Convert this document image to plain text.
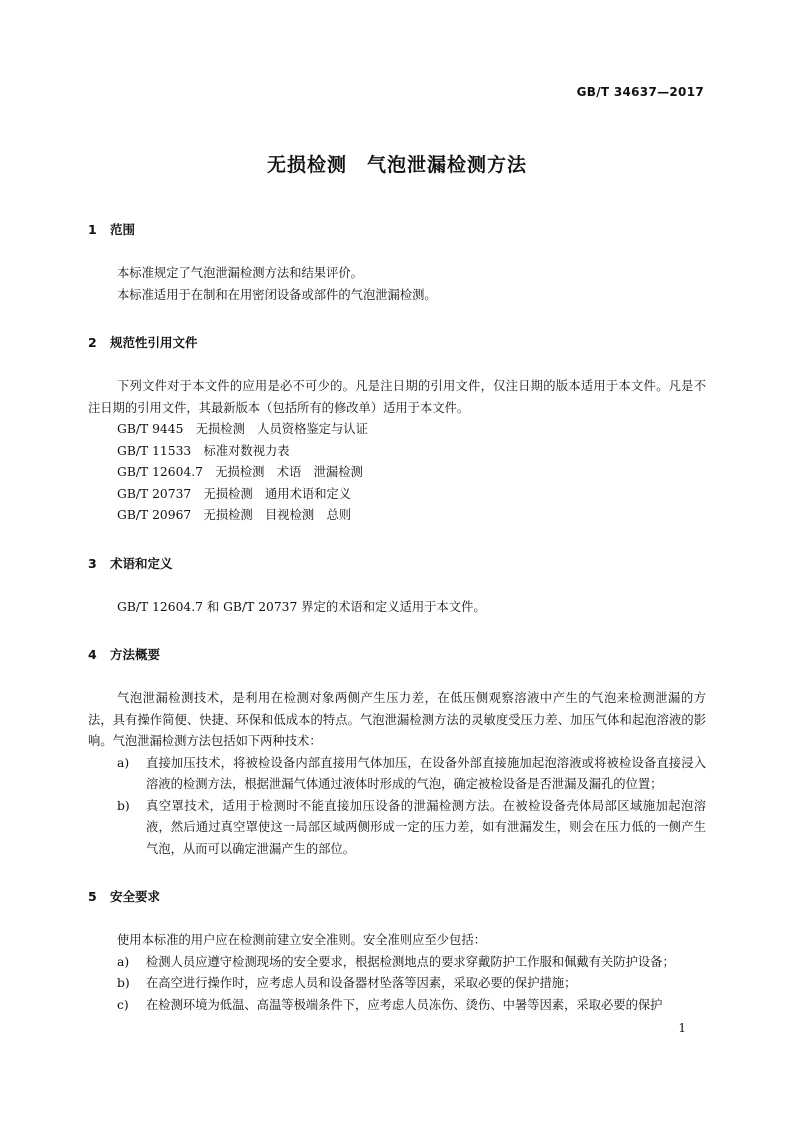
GB/T 34637—2017
无损检测　气泡泄漏检测方法
1 范围

本标准规定了气泡泄漏检测方法和结果评价。

本标准适用于在制和在用密闭设备或部件的气泡泄漏检测。

2 规范性引用文件

下列文件对于本文件的应用是必不可少的。凡是注日期的引用文件，仅注日期的版本适用于本文件。凡是不注日期的引用文件，其最新版本（包括所有的修改单）适用于本文件。

GB/T 9445　无损检测　人员资格鉴定与认证
GB/T 11533　标准对数视力表
GB/T 12604.7　无损检测　术语　泄漏检测
GB/T 20737　无损检测　通用术语和定义
GB/T 20967　无损检测　目视检测　总则
3 术语和定义

GB/T 12604.7 和 GB/T 20737 界定的术语和定义适用于本文件。

4 方法概要

气泡泄漏检测技术，是利用在检测对象两侧产生压力差，在低压侧观察溶液中产生的气泡来检测泄漏的方法，具有操作简便、快捷、环保和低成本的特点。气泡泄漏检测方法的灵敏度受压力差、加压气体和起泡溶液的影响。气泡泄漏检测方法包括如下两种技术：

a) 直接加压技术，将被检设备内部直接用气体加压，在设备外部直接施加起泡溶液或将被检设备直接浸入溶液的检测方法，根据泄漏气体通过液体时形成的气泡，确定被检设备是否泄漏及漏孔的位置；
b) 真空罩技术，适用于检测时不能直接加压设备的泄漏检测方法。在被检设备壳体局部区域施加起泡溶液，然后通过真空罩使这一局部区域两侧形成一定的压力差，如有泄漏发生，则会在压力低的一侧产生气泡，从而可以确定泄漏产生的部位。
5 安全要求

使用本标准的用户应在检测前建立安全准则。安全准则应至少包括：

a) 检测人员应遵守检测现场的安全要求，根据检测地点的要求穿戴防护工作服和佩戴有关防护设备；
b) 在高空进行操作时，应考虑人员和设备器材坠落等因素，采取必要的保护措施；
c) 在检测环境为低温、高温等极端条件下，应考虑人员冻伤、烫伤、中暑等因素，采取必要的保护
1
